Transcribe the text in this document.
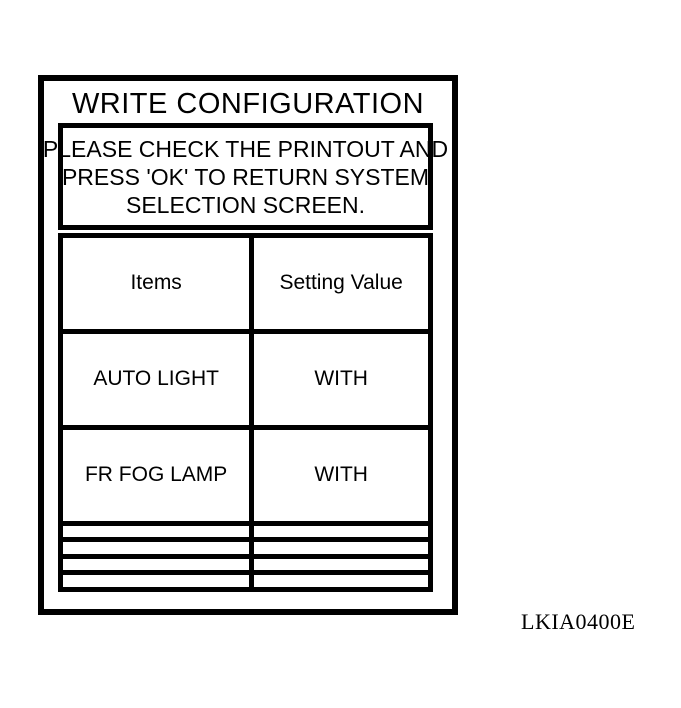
WRITE CONFIGURATION
PLEASE CHECK THE PRINTOUT AND
PRESS 'OK' TO RETURN SYSTEM
SELECTION SCREEN.
Items	Setting Value
AUTO LIGHT	WITH
FR FOG LAMP	WITH

LKIA0400E
